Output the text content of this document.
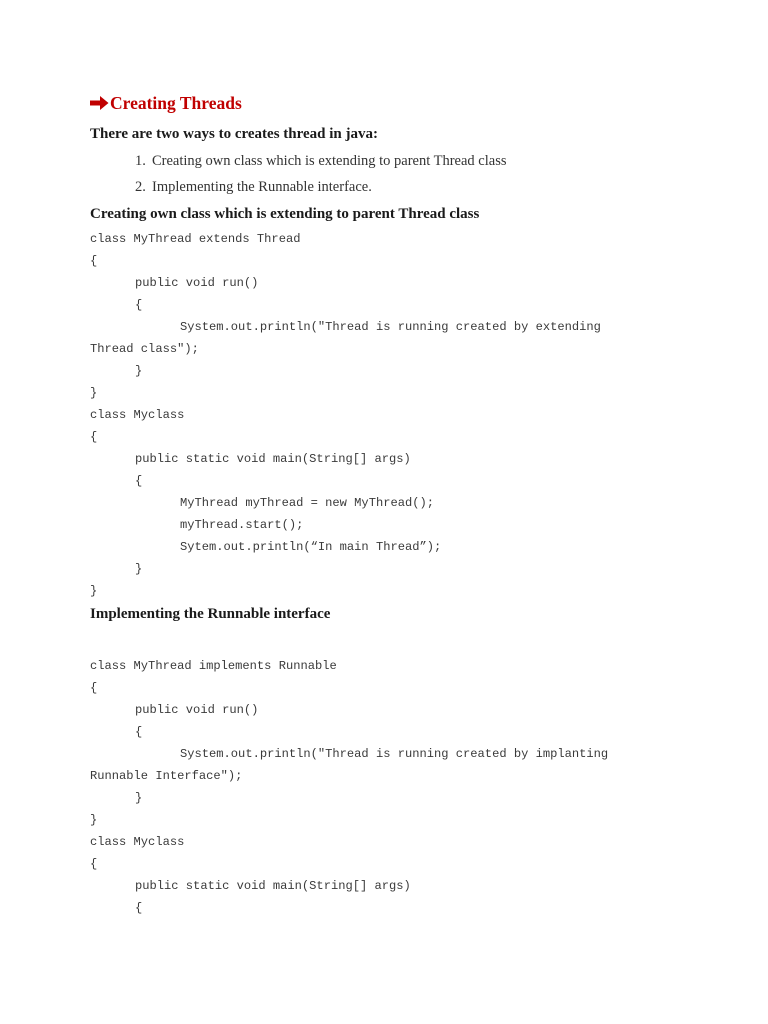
Creating Threads
There are two ways to creates thread in java:
1. Creating own class which is extending to parent Thread class
2. Implementing the Runnable interface.
Creating own class which is extending to parent Thread class
class MyThread extends Thread
{
public void run()
{
System.out.println("Thread is running created by extending
Thread class");
}
}
class Myclass
{
public static void main(String[] args)
{
MyThread myThread = new MyThread();
myThread.start();
Sytem.out.println(“In main Thread”);
}
}
Implementing the Runnable interface
class MyThread implements Runnable
{
public void run()
{
System.out.println("Thread is running created by implanting
Runnable Interface");
}
}
class Myclass
{
public static void main(String[] args)
{
